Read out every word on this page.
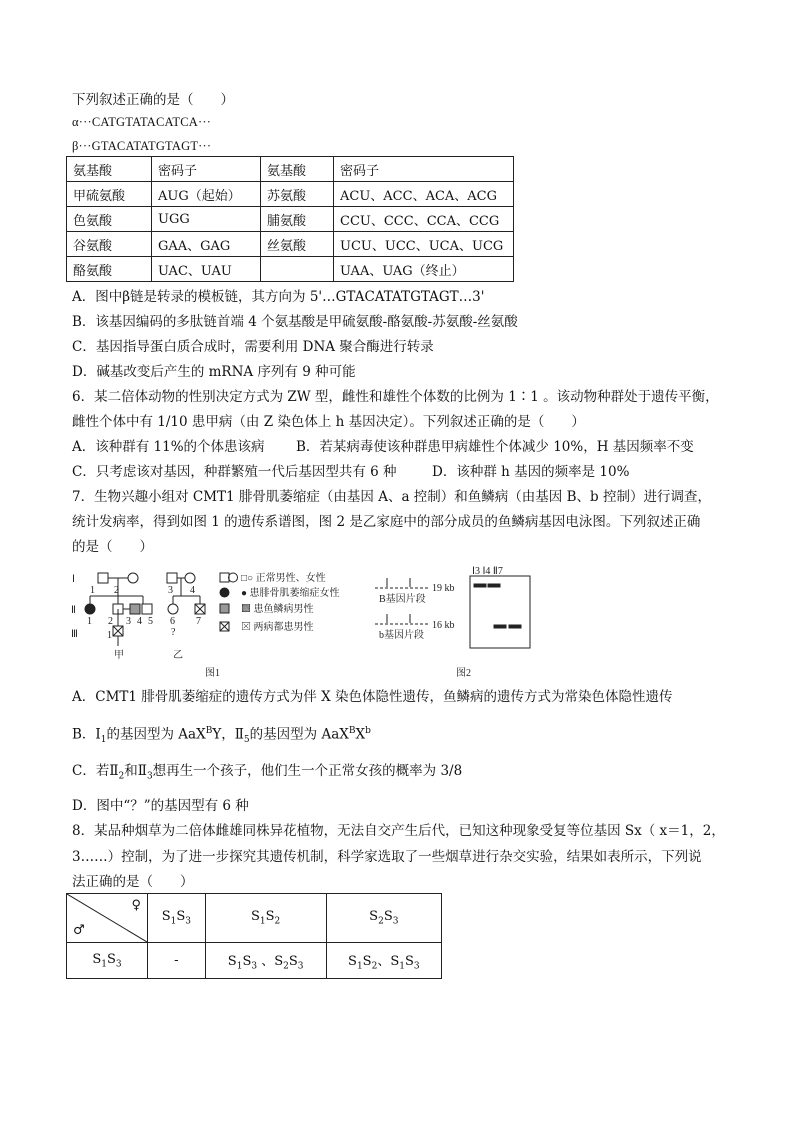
下列叙述正确的是（　　）
α···CATGTATACATCA···
β···GTACATATGTAGT···
氨基酸	密码子	氨基酸	密码子
甲硫氨酸	AUG（起始）	苏氨酸	ACU、ACC、ACA、ACG
色氨酸	UGG	脯氨酸	CCU、CCC、CCA、CCG
谷氨酸	GAA、GAG	丝氨酸	UCU、UCC、UCA、UCG
酪氨酸	UAC、UAU		UAA、UAG（终止）
A．图中β链是转录的模板链，其方向为 5'…GTACATATGTAGT…3'
B．该基因编码的多肽链首端 4 个氨基酸是甲硫氨酸-酪氨酸-苏氨酸-丝氨酸
C．基因指导蛋白质合成时，需要利用 DNA 聚合酶进行转录
D．碱基改变后产生的 mRNA 序列有 9 种可能
6．某二倍体动物的性别决定方式为 ZW 型，雌性和雄性个体数的比例为 1∶1 。该动物种群处于遗传平衡，
雌性个体中有 1/10 患甲病（由 Z 染色体上 h 基因决定）。下列叙述正确的是（　　）
A．该种群有 11%的个体患该病 B．若某病毒使该种群患甲病雄性个体减少 10%，H 基因频率不变
C．只考虑该对基因，种群繁殖一代后基因型共有 6 种	D．该种群 h 基因的频率是 10%
7．生物兴趣小组对 CMT1 腓骨肌萎缩症（由基因 A、a 控制）和鱼鳞病（由基因 B、b 控制）进行调查，
统计发病率，得到如图 1 的遗传系谱图，图 2 是乙家庭中的部分成员的鱼鳞病基因电泳图。下列叙述正确
的是（　　）
Ⅰ
Ⅱ
Ⅲ
1 2
1 2 3 4 5
1
甲
3 4
6 7
?
乙
□○ 正常男性、女性
● 患腓骨肌萎缩症女性
▩ 患鱼鳞病男性
⊠ 两病都患男性
图1
B基因片段
19 kb
b基因片段
16 kb
Ⅰ3 Ⅰ4 Ⅱ7
图2
A．CMT1 腓骨肌萎缩症的遗传方式为伴 X 染色体隐性遗传，鱼鳞病的遗传方式为常染色体隐性遗传
B．$Ⅰ_1$的基因型为 AaX$^B$Y，$Ⅱ_5$的基因型为 $AaX^BX^b$
C．若$Ⅱ_2$和$Ⅱ_3$想再生一个孩子，他们生一个正常女孩的概率为 3/8
D．图中“？”的基因型有 6 种
8．某品种烟草为二倍体雌雄同株异花植物，无法自交产生后代，已知这种现象受复等位基因 Sx（ x＝1，2，
3……）控制，为了进一步探究其遗传机制，科学家选取了一些烟草进行杂交实验，结果如表所示，下列说
法正确的是（　　）
♀
♂	$S_1S_3$	$S_1S_2$	$S_2S_3$
$S_1S_3$	-	$S_1S_3$ 、$S_2S_3$	$S_1S_2$、$S_1S_3$
